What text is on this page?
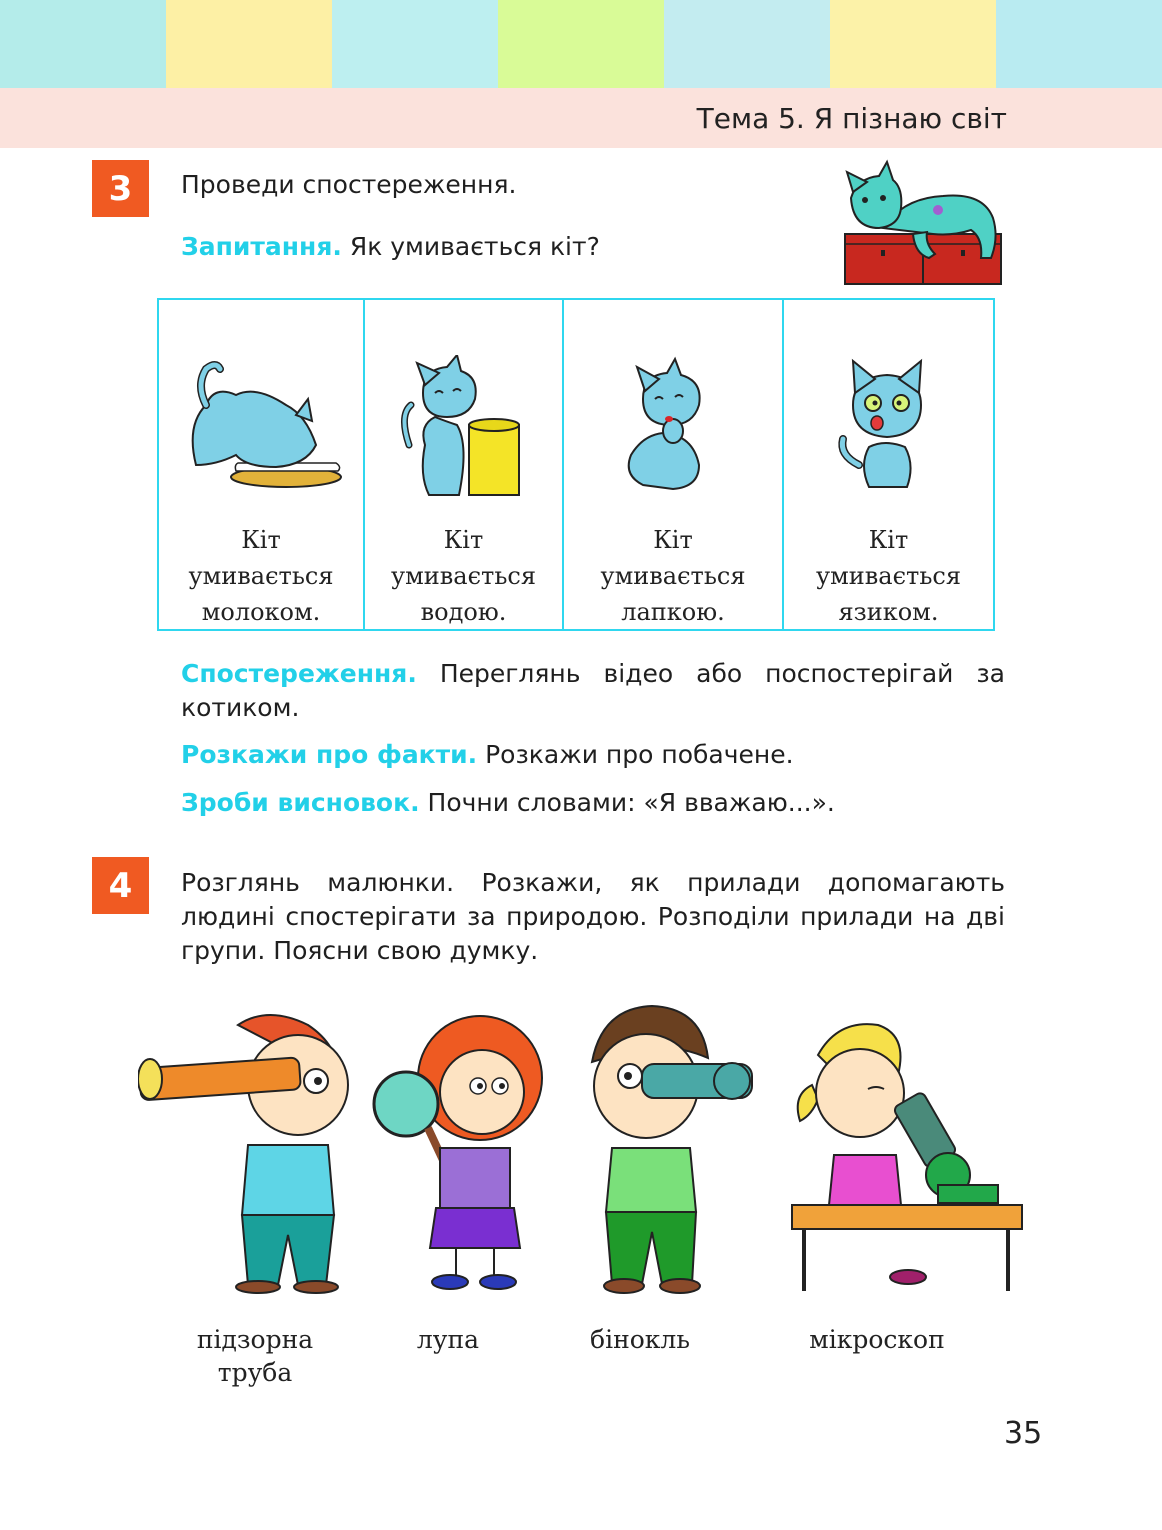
Тема 5. Я пізнаю світ
3	Проведи спостереження.
Запитання. Як умивається кіт?
Кіт
умивається
молоком.
Кіт
умивається
водою.
Кіт
умивається
лапкою.
Кіт
умивається
язиком.
Спостереження. Переглянь відео або поспостерігай за котиком.
Розкажи про факти. Розкажи про побачене.
Зроби висновок. Почни словами: «Я вважаю...».
4	Розглянь малюнки. Розкажи, як прилади допомагають людині спостерігати за природою. Розподіли прилади на дві групи. Поясни свою думку.
підзорна
труба
лупа	бінокль	мікроскоп
35
